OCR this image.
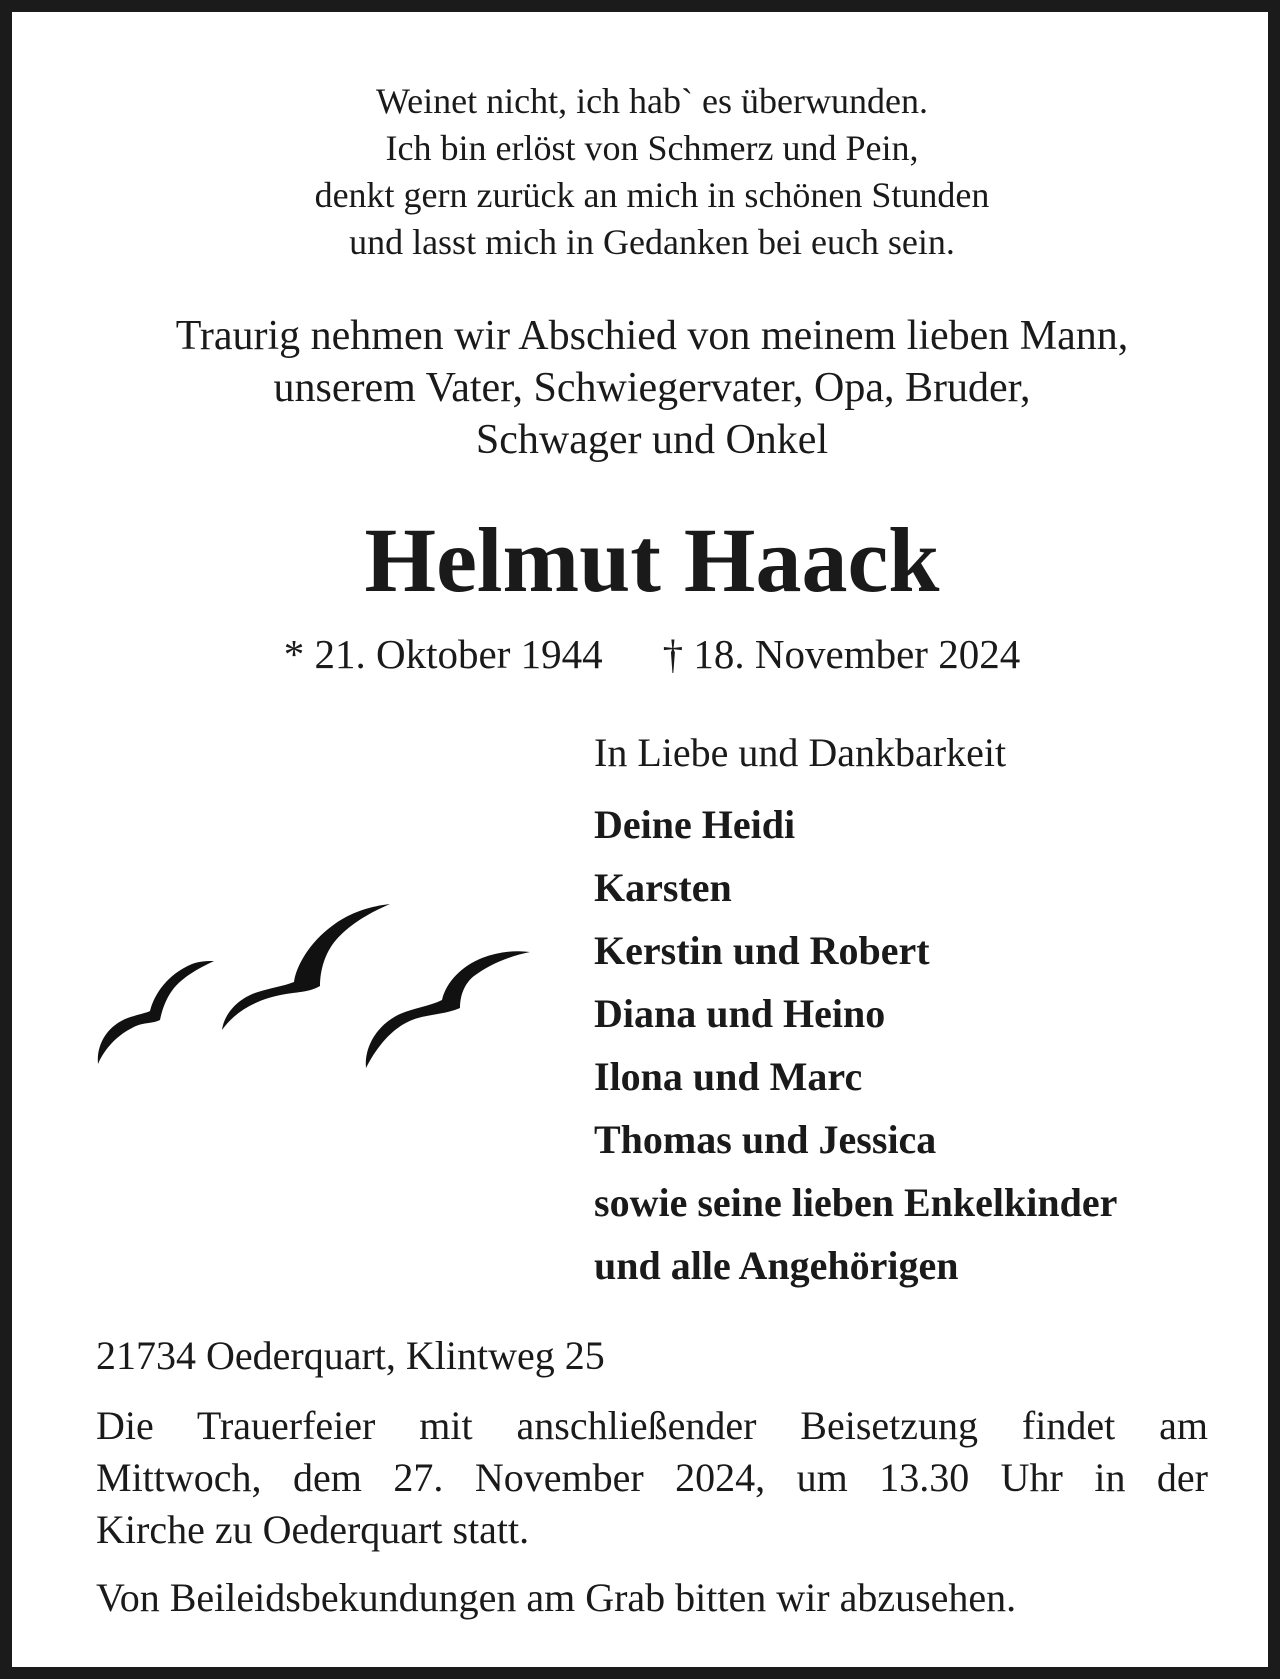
Weinet nicht, ich hab` es überwunden.
Ich bin erlöst von Schmerz und Pein,
denkt gern zurück an mich in schönen Stunden
und lasst mich in Gedanken bei euch sein.
Traurig nehmen wir Abschied von meinem lieben Mann,
unserem Vater, Schwiegervater, Opa, Bruder,
Schwager und Onkel
Helmut Haack
* 21. Oktober 1944 † 18. November 2024
In Liebe und Dankbarkeit
Deine Heidi
Karsten
Kerstin und Robert
Diana und Heino
Ilona und Marc
Thomas und Jessica
sowie seine lieben Enkelkinder
und alle Angehörigen
21734 Oederquart, Klintweg 25
Die Trauerfeier mit anschließender Beisetzung findet am
Mittwoch, dem 27. November 2024, um 13.30 Uhr in der
Kirche zu Oederquart statt.
Von Beileidsbekundungen am Grab bitten wir abzusehen.
